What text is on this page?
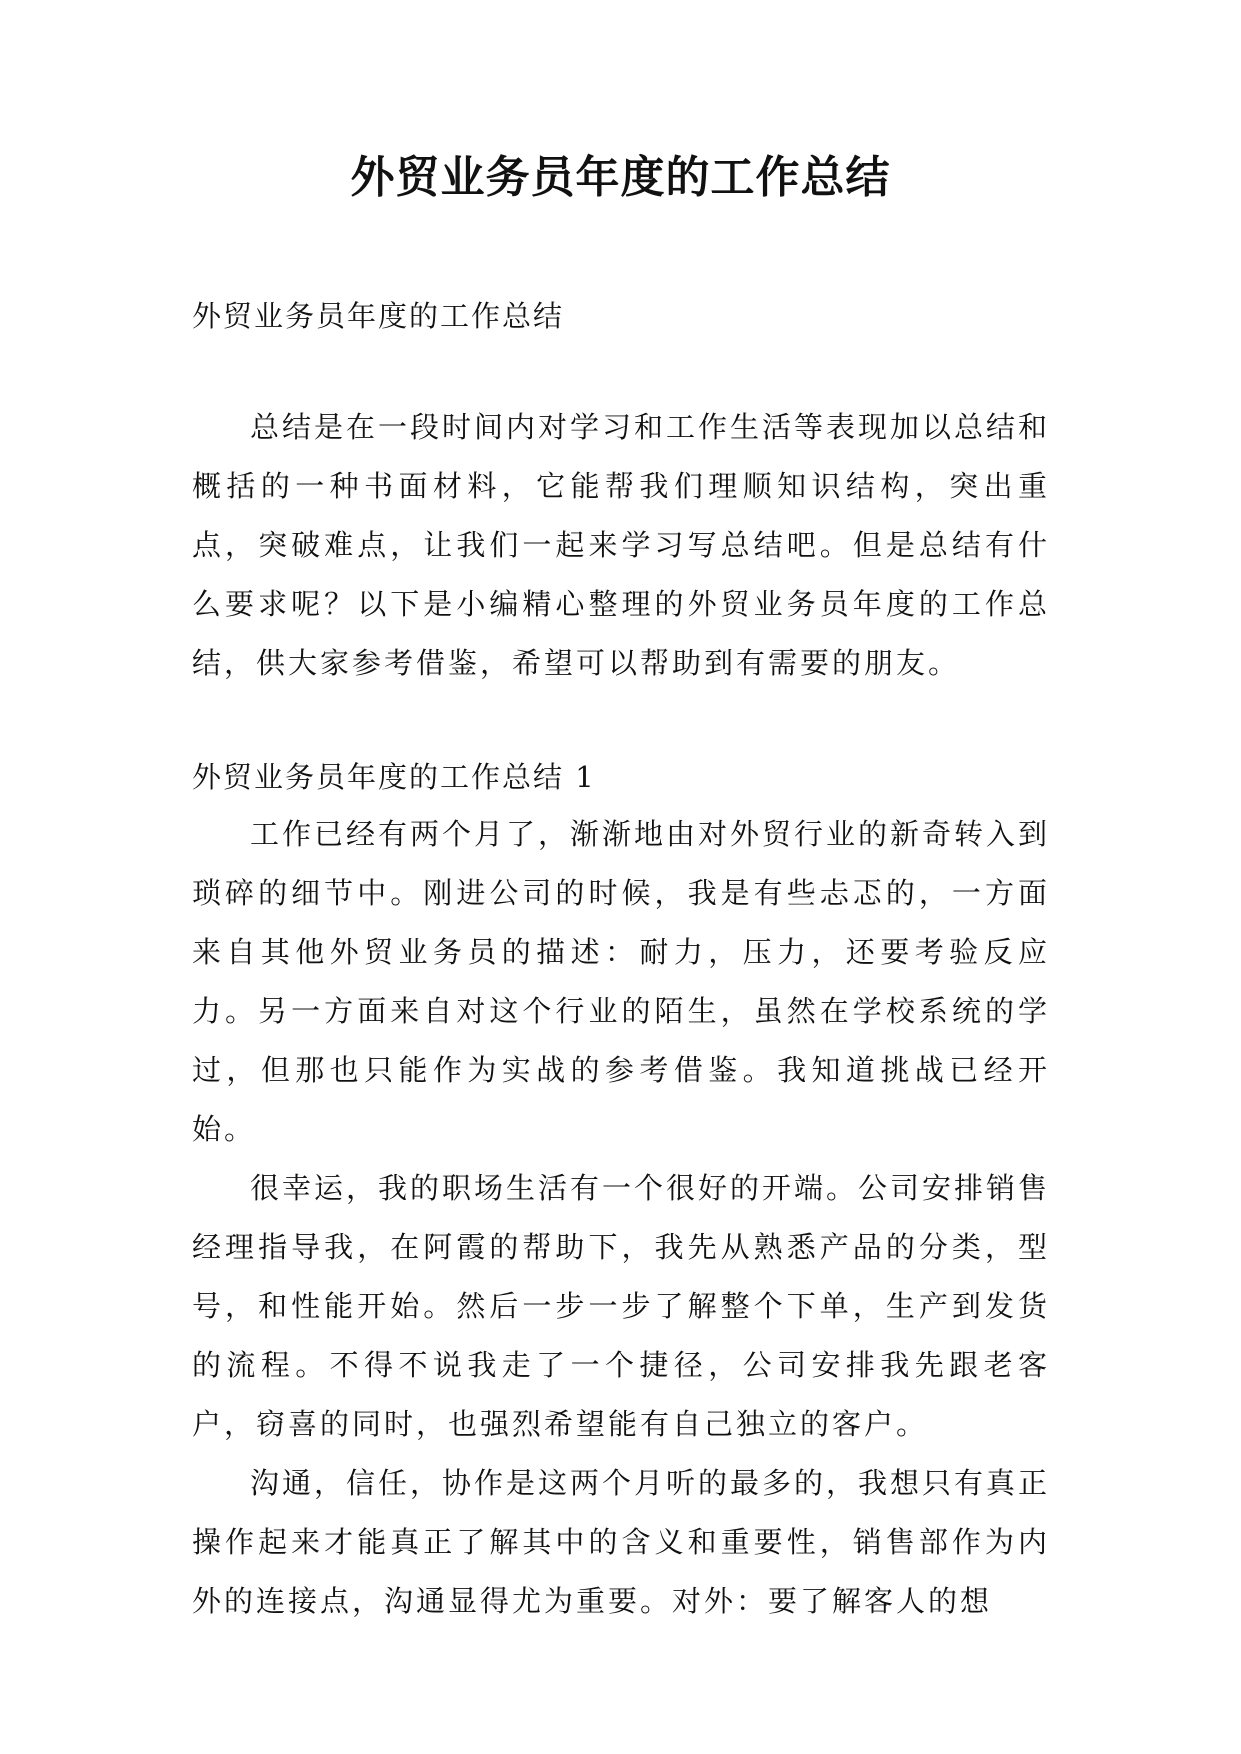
外贸业务员年度的工作总结

外贸业务员年度的工作总结

总结是在一段时间内对学习和工作生活等表现加以总结和概括的一种书面材料，它能帮我们理顺知识结构，突出重点，突破难点，让我们一起来学习写总结吧。但是总结有什么要求呢？以下是小编精心整理的外贸业务员年度的工作总结，供大家参考借鉴，希望可以帮助到有需要的朋友。

外贸业务员年度的工作总结 1

工作已经有两个月了，渐渐地由对外贸行业的新奇转入到琐碎的细节中。刚进公司的时候，我是有些忐忑的，一方面来自其他外贸业务员的描述：耐力，压力，还要考验反应力。另一方面来自对这个行业的陌生，虽然在学校系统的学过，但那也只能作为实战的参考借鉴。我知道挑战已经开始。

很幸运，我的职场生活有一个很好的开端。公司安排销售经理指导我，在阿霞的帮助下，我先从熟悉产品的分类，型号，和性能开始。然后一步一步了解整个下单，生产到发货的流程。不得不说我走了一个捷径，公司安排我先跟老客户，窃喜的同时，也强烈希望能有自己独立的客户。

沟通，信任，协作是这两个月听的最多的，我想只有真正操作起来才能真正了解其中的含义和重要性，销售部作为内外的连接点，沟通显得尤为重要。对外：要了解客人的想
